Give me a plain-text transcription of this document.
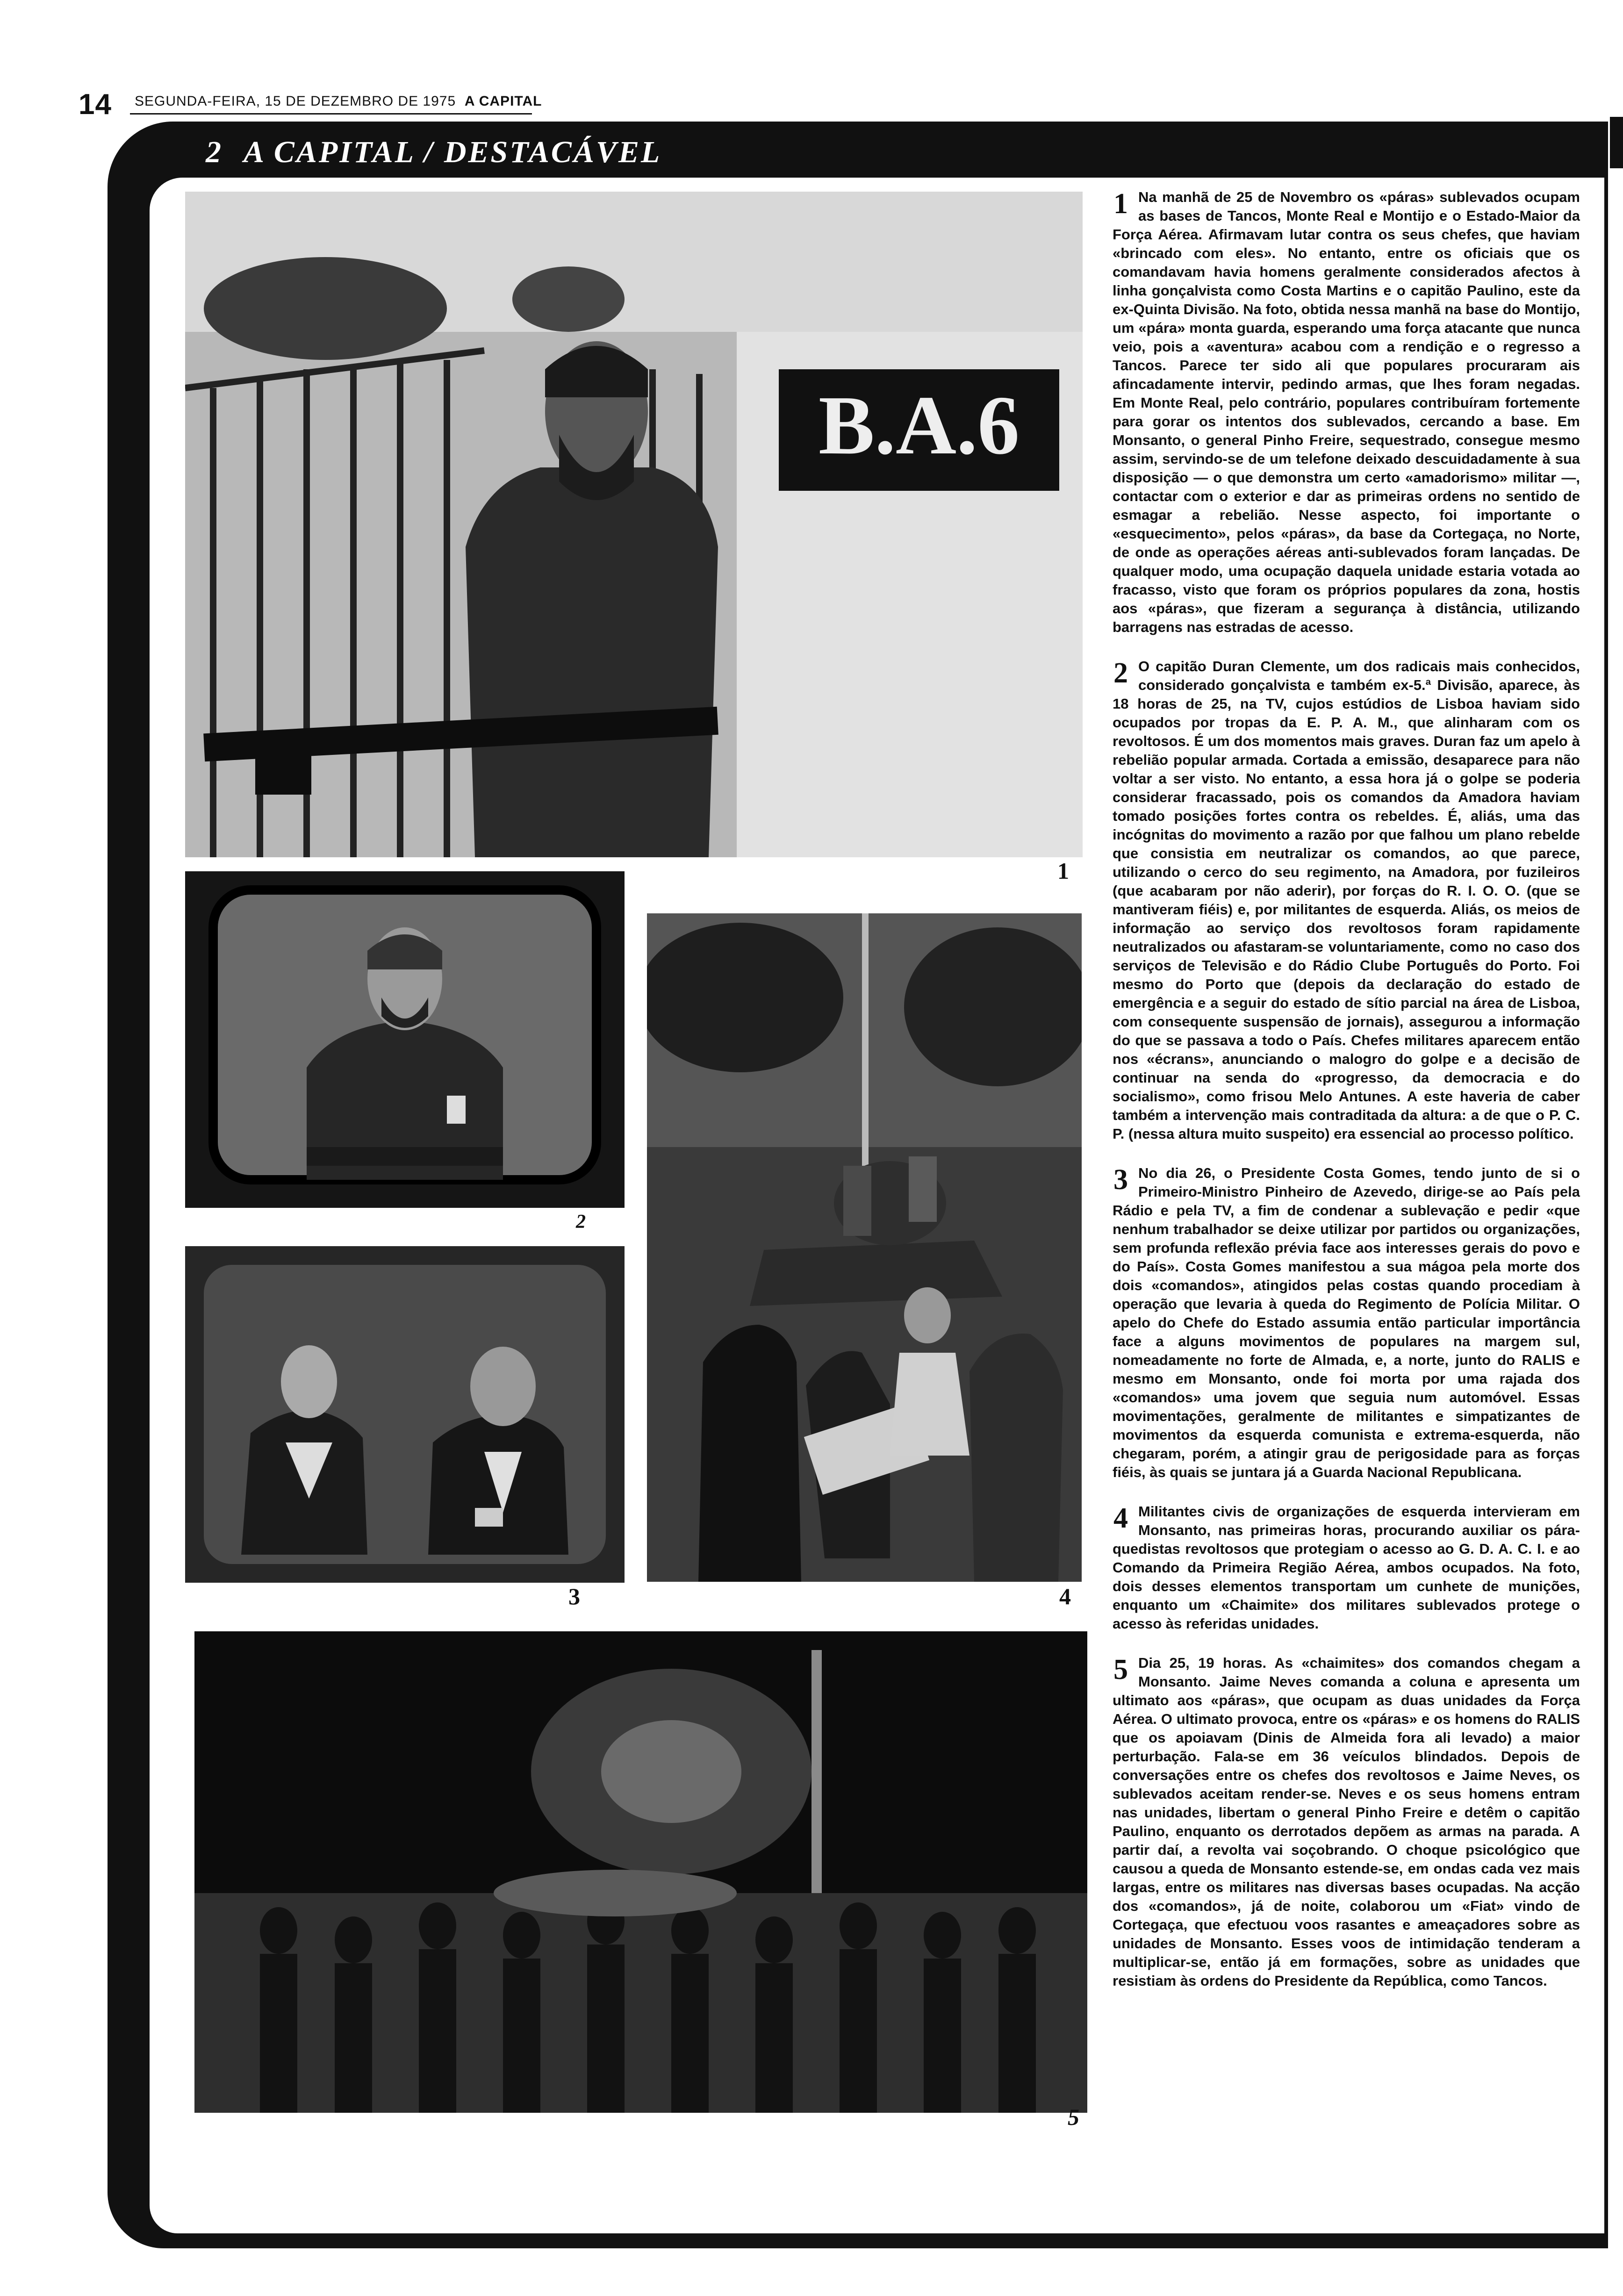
14 SEGUNDA-FEIRA, 15 DE DEZEMBRO DE 1975 A CAPITAL
2 A CAPITAL / DESTACÁVEL
B.A.6
1
2
4
3
5
1 Na manhã de 25 de Novembro os «páras» sublevados ocupam as bases de Tancos, Monte Real e Montijo e o Estado-Maior da Força Aérea. Afirmavam lutar contra os seus chefes, que haviam «brincado com eles». No entanto, entre os oficiais que os comandavam havia homens geralmente considerados afectos à linha gonçalvista como Costa Martins e o capitão Paulino, este da ex-Quinta Divisão. Na foto, obtida nessa manhã na base do Montijo, um «pára» monta guarda, esperando uma força atacante que nunca veio, pois a «aventura» acabou com a rendição e o regresso a Tancos. Parece ter sido ali que populares procuraram ais afincadamente intervir, pedindo armas, que lhes foram negadas. Em Monte Real, pelo contrário, populares contribuíram fortemente para gorar os intentos dos sublevados, cercando a base. Em Monsanto, o general Pinho Freire, sequestrado, consegue mesmo assim, servindo-se de um telefone deixado descuidadamente à sua disposição — o que demonstra um certo «amadorismo» militar —, contactar com o exterior e dar as primeiras ordens no sentido de esmagar a rebelião. Nesse aspecto, foi importante o «esquecimento», pelos «páras», da base da Cortegaça, no Norte, de onde as operações aéreas anti-sublevados foram lançadas. De qualquer modo, uma ocupação daquela unidade estaria votada ao fracasso, visto que foram os próprios populares da zona, hostis aos «páras», que fizeram a segurança à distância, utilizando barragens nas estradas de acesso.
2 O capitão Duran Clemente, um dos radicais mais conhecidos, considerado gonçalvista e também ex-5.ª Divisão, aparece, às 18 horas de 25, na TV, cujos estúdios de Lisboa haviam sido ocupados por tropas da E. P. A. M., que alinharam com os revoltosos. É um dos momentos mais graves. Duran faz um apelo à rebelião popular armada. Cortada a emissão, desaparece para não voltar a ser visto. No entanto, a essa hora já o golpe se poderia considerar fracassado, pois os comandos da Amadora haviam tomado posições fortes contra os rebeldes. É, aliás, uma das incógnitas do movimento a razão por que falhou um plano rebelde que consistia em neutralizar os comandos, ao que parece, utilizando o cerco do seu regimento, na Amadora, por fuzileiros (que acabaram por não aderir), por forças do R. I. O. O. (que se mantiveram fiéis) e, por militantes de esquerda. Aliás, os meios de informação ao serviço dos revoltosos foram rapidamente neutralizados ou afastaram-se voluntariamente, como no caso dos serviços de Televisão e do Rádio Clube Português do Porto. Foi mesmo do Porto que (depois da declaração do estado de emergência e a seguir do estado de sítio parcial na área de Lisboa, com consequente suspensão de jornais), assegurou a informação do que se passava a todo o País. Chefes militares aparecem então nos «écrans», anunciando o malogro do golpe e a decisão de continuar na senda do «progresso, da democracia e do socialismo», como frisou Melo Antunes. A este haveria de caber também a intervenção mais contraditada da altura: a de que o P. C. P. (nessa altura muito suspeito) era essencial ao processo político.
3 No dia 26, o Presidente Costa Gomes, tendo junto de si o Primeiro-Ministro Pinheiro de Azevedo, dirige-se ao País pela Rádio e pela TV, a fim de condenar a sublevação e pedir «que nenhum trabalhador se deixe utilizar por partidos ou organizações, sem profunda reflexão prévia face aos interesses gerais do povo e do País». Costa Gomes manifestou a sua mágoa pela morte dos dois «comandos», atingidos pelas costas quando procediam à operação que levaria à queda do Regimento de Polícia Militar. O apelo do Chefe do Estado assumia então particular importância face a alguns movimentos de populares na margem sul, nomeadamente no forte de Almada, e, a norte, junto do RALIS e mesmo em Monsanto, onde foi morta por uma rajada dos «comandos» uma jovem que seguia num automóvel. Essas movimentações, geralmente de militantes e simpatizantes de movimentos da esquerda comunista e extrema-esquerda, não chegaram, porém, a atingir grau de perigosidade para as forças fiéis, às quais se juntara já a Guarda Nacional Republicana.
4 Militantes civis de organizações de esquerda intervieram em Monsanto, nas primeiras horas, procurando auxiliar os pára-quedistas revoltosos que protegiam o acesso ao G. D. A. C. I. e ao Comando da Primeira Região Aérea, ambos ocupados. Na foto, dois desses elementos transportam um cunhete de munições, enquanto um «Chaimite» dos militares sublevados protege o acesso às referidas unidades.
5 Dia 25, 19 horas. As «chaimites» dos comandos chegam a Monsanto. Jaime Neves comanda a coluna e apresenta um ultimato aos «páras», que ocupam as duas unidades da Força Aérea. O ultimato provoca, entre os «páras» e os homens do RALIS que os apoiavam (Dinis de Almeida fora ali levado) a maior perturbação. Fala-se em 36 veículos blindados. Depois de conversações entre os chefes dos revoltosos e Jaime Neves, os sublevados aceitam render-se. Neves e os seus homens entram nas unidades, libertam o general Pinho Freire e detêm o capitão Paulino, enquanto os derrotados depõem as armas na parada. A partir daí, a revolta vai soçobrando. O choque psicológico que causou a queda de Monsanto estende-se, em ondas cada vez mais largas, entre os militares nas diversas bases ocupadas. Na acção dos «comandos», já de noite, colaborou um «Fiat» vindo de Cortegaça, que efectuou voos rasantes e ameaçadores sobre as unidades de Monsanto. Esses voos de intimidação tenderam a multiplicar-se, então já em formações, sobre as unidades que resistiam às ordens do Presidente da República, como Tancos.
